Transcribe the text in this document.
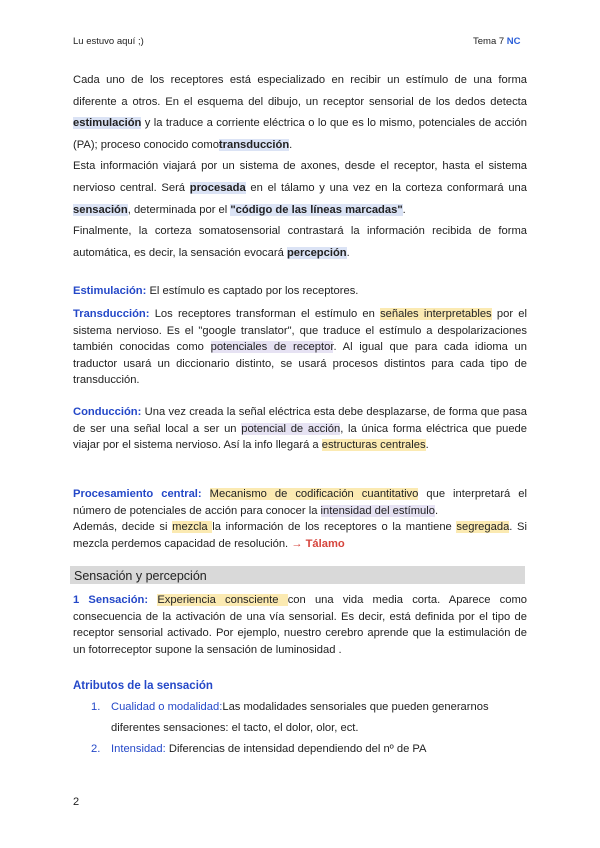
Lu estuvo aquí ;)	Tema 7 NC
Cada uno de los receptores está especializado en recibir un estímulo de una forma diferente a otros. En el esquema del dibujo, un receptor sensorial de los dedos detecta estimulación y la traduce a corriente eléctrica o lo que es lo mismo, potenciales de acción (PA); proceso conocido comotransducción.
Esta información viajará por un sistema de axones, desde el receptor, hasta el sistema nervioso central. Será procesada en el tálamo y una vez en la corteza conformará una sensación, determinada por el "código de las líneas marcadas".
Finalmente, la corteza somatosensorial contrastará la información recibida de forma automática, es decir, la sensación evocará percepción.
Estimulación: El estímulo es captado por los receptores.
Transducción: Los receptores transforman el estímulo en señales interpretables por el sistema nervioso. Es el "google translator", que traduce el estímulo a despolarizaciones también conocidas como potenciales de receptor. Al igual que para cada idioma un traductor usará un diccionario distinto, se usará procesos distintos para cada tipo de transducción.
Conducción: Una vez creada la señal eléctrica esta debe desplazarse, de forma que pasa de ser una señal local a ser un potencial de acción, la única forma eléctrica que puede viajar por el sistema nervioso. Así la info llegará a estructuras centrales.
Procesamiento central: Mecanismo de codificación cuantitativo que interpretará el número de potenciales de acción para conocer la intensidad del estímulo.
Además, decide si mezcla la información de los receptores o la mantiene segregada. Si mezcla perdemos capacidad de resolución. → Tálamo
Sensación y percepción
1 Sensación: Experiencia consciente con una vida media corta. Aparece como consecuencia de la activación de una vía sensorial. Es decir, está definida por el tipo de receptor sensorial activado. Por ejemplo, nuestro cerebro aprende que la estimulación de un fotorreceptor supone la sensación de luminosidad .
Atributos de la sensación
1. Cualidad o modalidad:Las modalidades sensoriales que pueden generarnos diferentes sensaciones: el tacto, el dolor, olor, ect.
2. Intensidad: Diferencias de intensidad dependiendo del nº de PA
2
